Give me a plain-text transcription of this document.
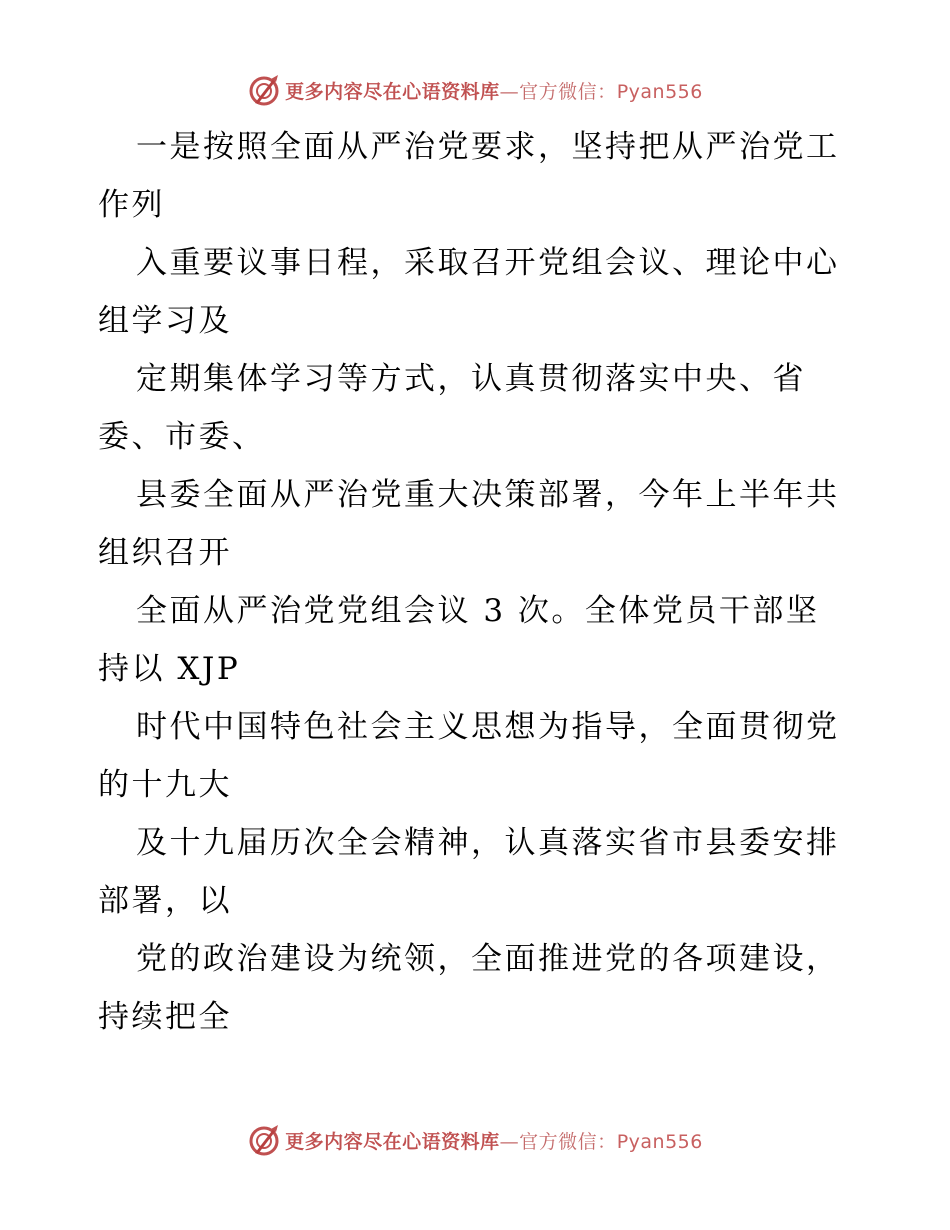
更多内容尽在心语资料库—官方微信：Pyan556
一是按照全面从严治党要求，坚持把从严治党工
作列
入重要议事日程，采取召开党组会议、理论中心
组学习及
定期集体学习等方式，认真贯彻落实中央、省
委、市委、
县委全面从严治党重大决策部署，今年上半年共
组织召开
全面从严治党党组会议 3 次。全体党员干部坚
持以 XJP
时代中国特色社会主义思想为指导，全面贯彻党
的十九大
及十九届历次全会精神，认真落实省市县委安排
部署，以
党的政治建设为统领，全面推进党的各项建设，
持续把全
更多内容尽在心语资料库—官方微信：Pyan556
